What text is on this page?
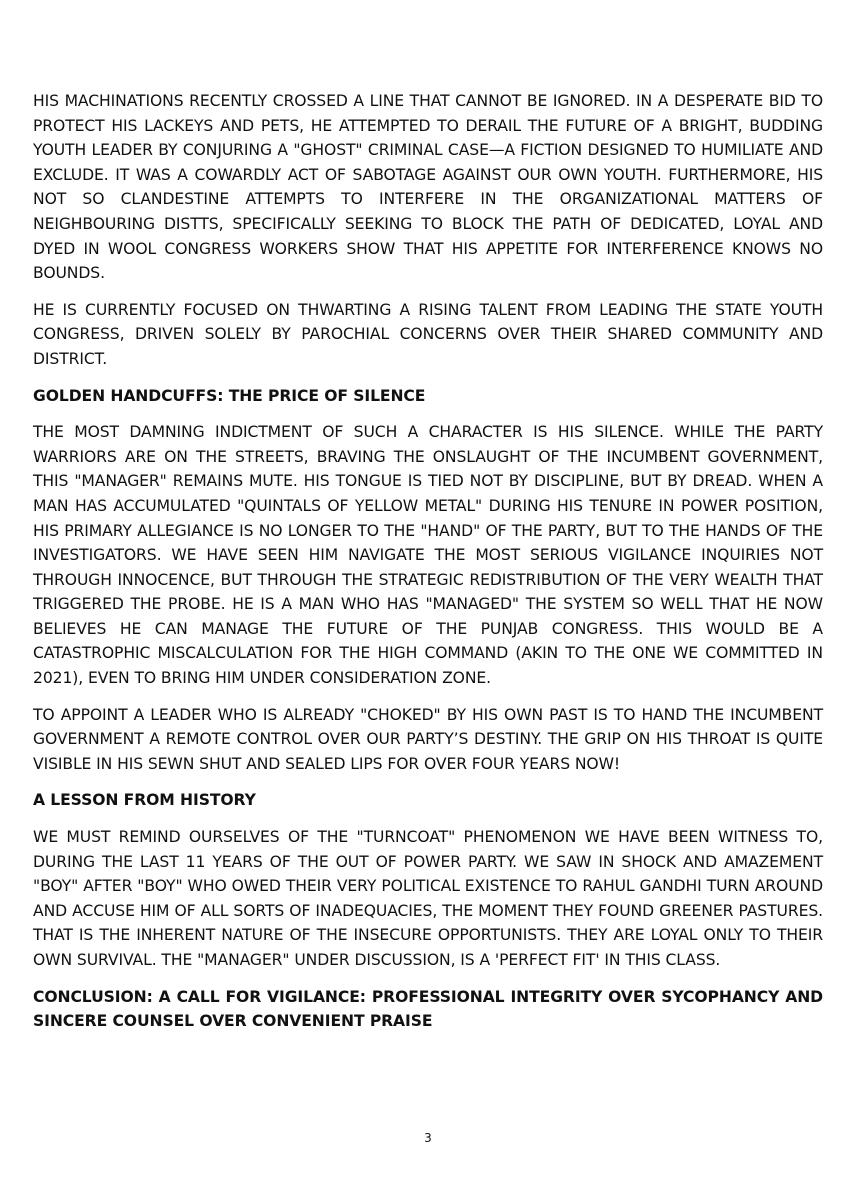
HIS MACHINATIONS RECENTLY CROSSED A LINE THAT CANNOT BE IGNORED. IN A DESPERATE BID TO PROTECT HIS LACKEYS AND PETS, HE ATTEMPTED TO DERAIL THE FUTURE OF A BRIGHT, BUDDING YOUTH LEADER BY CONJURING A "GHOST" CRIMINAL CASE—A FICTION DESIGNED TO HUMILIATE AND EXCLUDE. IT WAS A COWARDLY ACT OF SABOTAGE AGAINST OUR OWN YOUTH. FURTHERMORE, HIS NOT SO CLANDESTINE ATTEMPTS TO INTERFERE IN THE ORGANIZATIONAL MATTERS OF NEIGHBOURING DISTTS, SPECIFICALLY SEEKING TO BLOCK THE PATH OF DEDICATED, LOYAL AND DYED IN WOOL CONGRESS WORKERS SHOW THAT HIS APPETITE FOR INTERFERENCE KNOWS NO BOUNDS.

HE IS CURRENTLY FOCUSED ON THWARTING A RISING TALENT FROM LEADING THE STATE YOUTH CONGRESS, DRIVEN SOLELY BY PAROCHIAL CONCERNS OVER THEIR SHARED COMMUNITY AND DISTRICT.

GOLDEN HANDCUFFS: THE PRICE OF SILENCE

THE MOST DAMNING INDICTMENT OF SUCH A CHARACTER IS HIS SILENCE. WHILE THE PARTY WARRIORS ARE ON THE STREETS, BRAVING THE ONSLAUGHT OF THE INCUMBENT GOVERNMENT, THIS "MANAGER" REMAINS MUTE. HIS TONGUE IS TIED NOT BY DISCIPLINE, BUT BY DREAD. WHEN A MAN HAS ACCUMULATED "QUINTALS OF YELLOW METAL" DURING HIS TENURE IN POWER POSITION, HIS PRIMARY ALLEGIANCE IS NO LONGER TO THE "HAND" OF THE PARTY, BUT TO THE HANDS OF THE INVESTIGATORS. WE HAVE SEEN HIM NAVIGATE THE MOST SERIOUS VIGILANCE INQUIRIES NOT THROUGH INNOCENCE, BUT THROUGH THE STRATEGIC REDISTRIBUTION OF THE VERY WEALTH THAT TRIGGERED THE PROBE. HE IS A MAN WHO HAS "MANAGED" THE SYSTEM SO WELL THAT HE NOW BELIEVES HE CAN MANAGE THE FUTURE OF THE PUNJAB CONGRESS. THIS WOULD BE A CATASTROPHIC MISCALCULATION FOR THE HIGH COMMAND (AKIN TO THE ONE WE COMMITTED IN 2021), EVEN TO BRING HIM UNDER CONSIDERATION ZONE.

TO APPOINT A LEADER WHO IS ALREADY "CHOKED" BY HIS OWN PAST IS TO HAND THE INCUMBENT GOVERNMENT A REMOTE CONTROL OVER OUR PARTY’S DESTINY. THE GRIP ON HIS THROAT IS QUITE VISIBLE IN HIS SEWN SHUT AND SEALED LIPS FOR OVER FOUR YEARS NOW!

A LESSON FROM HISTORY

WE MUST REMIND OURSELVES OF THE "TURNCOAT" PHENOMENON WE HAVE BEEN WITNESS TO, DURING THE LAST 11 YEARS OF THE OUT OF POWER PARTY. WE SAW IN SHOCK AND AMAZEMENT "BOY" AFTER "BOY" WHO OWED THEIR VERY POLITICAL EXISTENCE TO RAHUL GANDHI TURN AROUND AND ACCUSE HIM OF ALL SORTS OF INADEQUACIES, THE MOMENT THEY FOUND GREENER PASTURES. THAT IS THE INHERENT NATURE OF THE INSECURE OPPORTUNISTS. THEY ARE LOYAL ONLY TO THEIR OWN SURVIVAL. THE "MANAGER" UNDER DISCUSSION, IS A 'PERFECT FIT' IN THIS CLASS.

CONCLUSION: A CALL FOR VIGILANCE: PROFESSIONAL INTEGRITY OVER SYCOPHANCY AND SINCERE COUNSEL OVER CONVENIENT PRAISE

3
